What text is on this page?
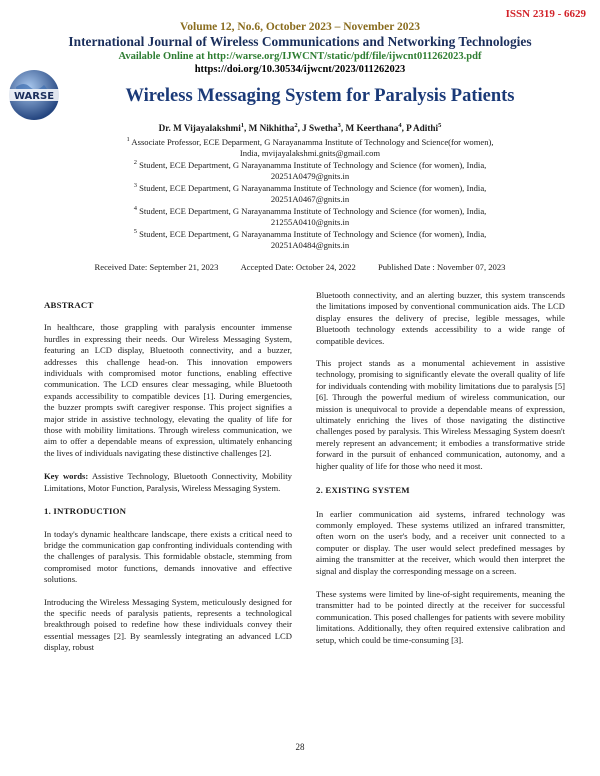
ISSN 2319 - 6629
Volume 12, No.6, October 2023 – November 2023
International Journal of Wireless Communications and Networking Technologies
Available Online at http://warse.org/IJWCNT/static/pdf/file/ijwcnt011262023.pdf
https://doi.org/10.30534/ijwcnt/2023/011262023
WARSE	Wireless Messaging System for Paralysis Patients
Dr. M Vijayalakshmi$^1$, M Nikhitha$^2$, J Swetha$^3$, M Keerthana$^4$, P Adithi$^5$
$^1$ Associate Professor, ECE Deparment, G Narayanamma Institute of Technology and Science(for women),
India, mvijayalakshmi.gnits@gmail.com
$^2$ Student, ECE Department, G Narayanamma Institute of Technology and Science (for women), India,
20251A0479@gnits.in
$^3$ Student, ECE Department, G Narayanamma Institute of Technology and Science (for women), India,
20251A0467@gnits.in
$^4$ Student, ECE Department, G Narayanamma Institute of Technology and Science (for women), India,
21255A0410@gnits.in
$^5$ Student, ECE Department, G Narayanamma Institute of Technology and Science (for women), India,
20251A0484@gnits.in
Received Date: September 21, 2023	Accepted Date: October 24, 2022	Published Date : November 07, 2023

ABSTRACT

In healthcare, those grappling with paralysis encounter immense hurdles in expressing their needs. Our Wireless Messaging System, featuring an LCD display, Bluetooth connectivity, and a buzzer, addresses this challenge head-on. This innovation empowers individuals with compromised motor functions, enabling effective communication. The LCD ensures clear messaging, while Bluetooth expands accessibility to compatible devices [1]. During emergencies, the buzzer prompts swift caregiver response. This project signifies a major stride in assistive technology, elevating the quality of life for those with mobility limitations. Through wireless communication, we aim to offer a dependable means of expression, ultimately enhancing the lives of individuals navigating these distinctive challenges [2].

Key words: Assistive Technology, Bluetooth Connectivity, Mobility Limitations, Motor Function, Paralysis, Wireless Messaging System.

1. INTRODUCTION

In today's dynamic healthcare landscape, there exists a critical need to bridge the communication gap confronting individuals contending with the challenges of paralysis. This formidable obstacle, stemming from compromised motor functions, demands innovative and effective solutions.

Introducing the Wireless Messaging System, meticulously designed for the specific needs of paralysis patients, represents a technological breakthrough poised to redefine how these individuals convey their essential messages [2]. By seamlessly integrating an advanced LCD display, robust

Bluetooth connectivity, and an alerting buzzer, this system transcends the limitations imposed by conventional communication aids. The LCD display ensures the delivery of precise, legible messages, while Bluetooth technology extends accessibility to a wide range of compatible devices.

This project stands as a monumental achievement in assistive technology, promising to significantly elevate the overall quality of life for individuals contending with mobility limitations due to paralysis [5] [6]. Through the powerful medium of wireless communication, our mission is unequivocal to provide a dependable means of expression, ultimately enriching the lives of those navigating the distinctive challenges posed by paralysis. This Wireless Messaging System doesn't merely represent an advancement; it embodies a transformative stride forward in the pursuit of enhanced communication, autonomy, and a higher quality of life for those who need it most.

2. EXISTING SYSTEM

In earlier communication aid systems, infrared technology was commonly employed. These systems utilized an infrared transmitter, often worn on the user's body, and a receiver unit connected to a computer or display. The user would select predefined messages by aiming the transmitter at the receiver, which would then interpret the signal and display the corresponding message on a screen.

These systems were limited by line-of-sight requirements, meaning the transmitter had to be pointed directly at the receiver for successful communication. This posed challenges for patients with severe mobility limitations. Additionally, they often required extensive calibration and setup, which could be time-consuming [3].

28
